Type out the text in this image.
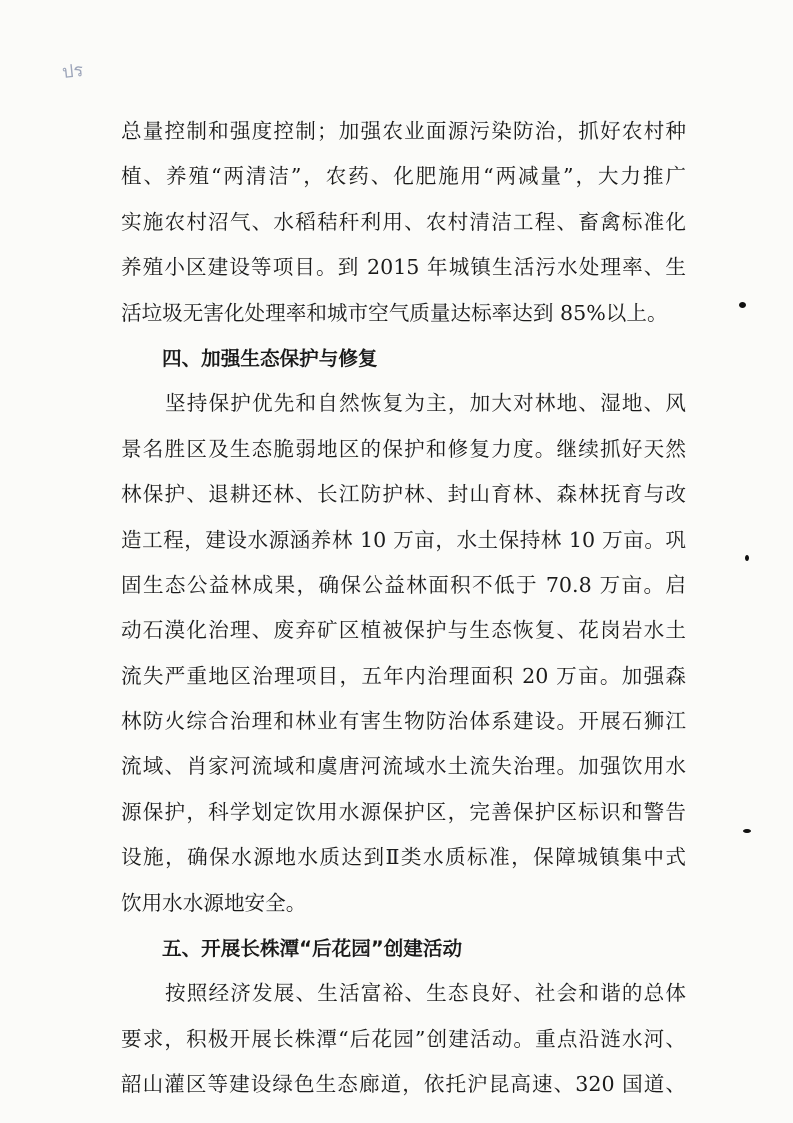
ปร
总量控制和强度控制；加强农业面源污染防治，抓好农村种
植、养殖“两清洁”，农药、化肥施用“两减量”，大力推广
实施农村沼气、水稻秸秆利用、农村清洁工程、畜禽标准化
养殖小区建设等项目。到 2015 年城镇生活污水处理率、生
活垃圾无害化处理率和城市空气质量达标率达到 85%以上。
四、加强生态保护与修复
坚持保护优先和自然恢复为主，加大对林地、湿地、风
景名胜区及生态脆弱地区的保护和修复力度。继续抓好天然
林保护、退耕还林、长江防护林、封山育林、森林抚育与改
造工程，建设水源涵养林 10 万亩，水土保持林 10 万亩。巩
固生态公益林成果，确保公益林面积不低于 70.8 万亩。启
动石漠化治理、废弃矿区植被保护与生态恢复、花岗岩水土
流失严重地区治理项目，五年内治理面积 20 万亩。加强森
林防火综合治理和林业有害生物防治体系建设。开展石狮江
流域、肖家河流域和虞唐河流域水土流失治理。加强饮用水
源保护，科学划定饮用水源保护区，完善保护区标识和警告
设施，确保水源地水质达到Ⅱ类水质标准，保障城镇集中式
饮用水水源地安全。
五、开展长株潭“后花园”创建活动
按照经济发展、生活富裕、生态良好、社会和谐的总体
要求，积极开展长株潭“后花园”创建活动。重点沿涟水河、
韶山灌区等建设绿色生态廊道，依托沪昆高速、320 国道、
